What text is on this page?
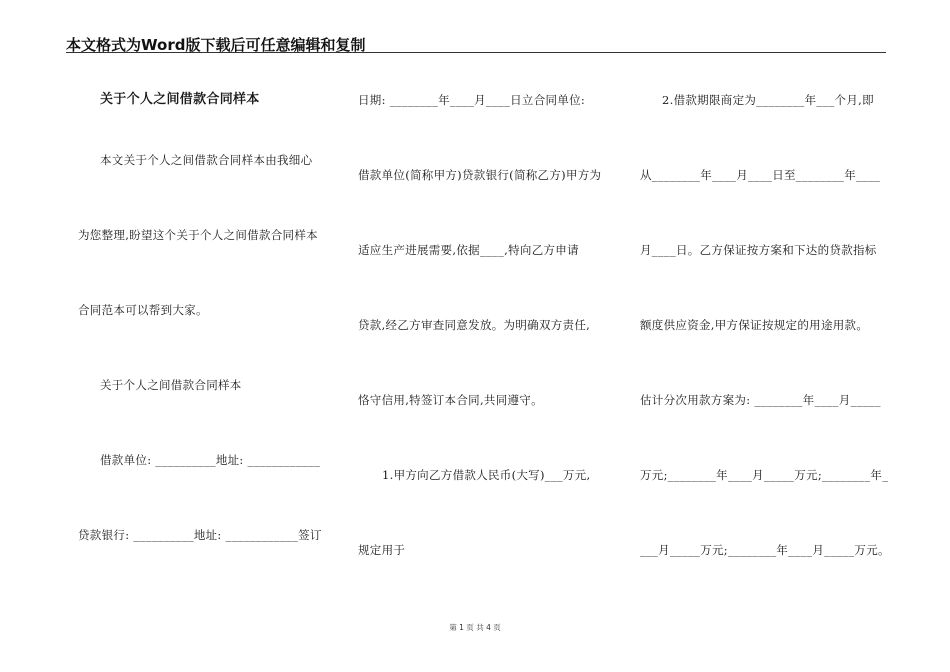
本文格式为Word版下载后可任意编辑和复制
关于个人之间借款合同样本
本文关于个人之间借款合同样本由我细心
为您整理,盼望这个关于个人之间借款合同样本
合同范本可以帮到大家。
关于个人之间借款合同样本
借款单位: __________地址: ____________
贷款银行: __________地址: ____________签订
日期: ________年____月____日立合同单位:
借款单位(简称甲方)贷款银行(简称乙方)甲方为
适应生产进展需要,依据____,特向乙方申请
贷款,经乙方审查同意发放。为明确双方责任,
恪守信用,特签订本合同,共同遵守。
1.甲方向乙方借款人民币(大写)___万元,
规定用于
2.借款期限商定为________年___个月,即
从________年____月____日至________年____
月____日。乙方保证按方案和下达的贷款指标
额度供应资金,甲方保证按规定的用途用款。
估计分次用款方案为: ________年____月_____
万元;________年____月_____万元;________年_
___月_____万元;________年____月_____万元。
第 1 页 共 4 页
